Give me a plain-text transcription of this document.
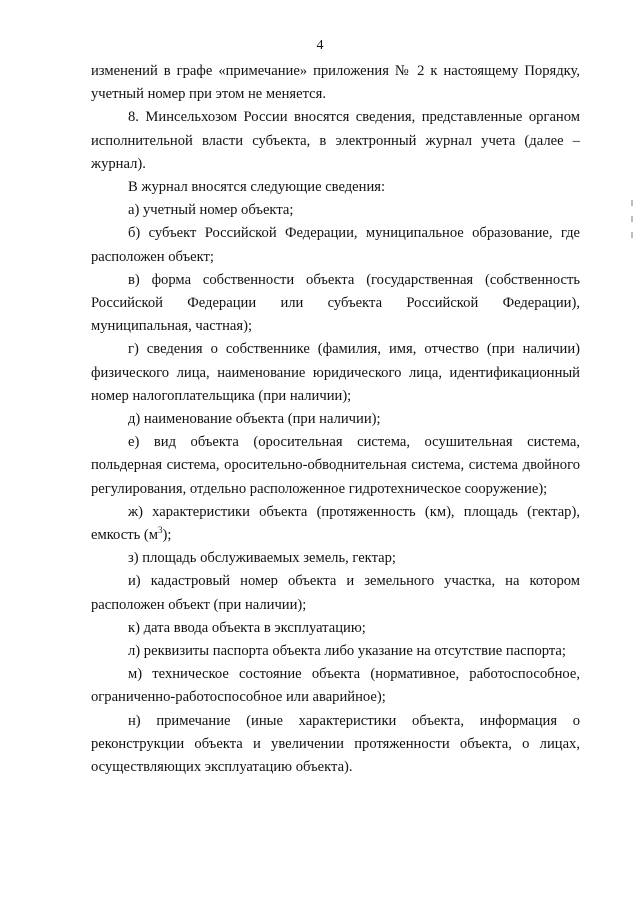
4

изменений в графе «примечание» приложения № 2 к настоящему Порядку, учетный номер при этом не меняется.

8. Минсельхозом России вносятся сведения, представленные органом исполнительной власти субъекта, в электронный журнал учета (далее – журнал).

В журнал вносятся следующие сведения:

а) учетный номер объекта;

б) субъект Российской Федерации, муниципальное образование, где расположен объект;

в) форма собственности объекта (государственная (собственность Российской Федерации или субъекта Российской Федерации), муниципальная, частная);

г) сведения о собственнике (фамилия, имя, отчество (при наличии) физического лица, наименование юридического лица, идентификационный номер налогоплательщика (при наличии);

д) наименование объекта (при наличии);

е) вид объекта (оросительная система, осушительная система, польдерная система, оросительно-обводнительная система, система двойного регулирования, отдельно расположенное гидротехническое сооружение);

ж) характеристики объекта (протяженность (км), площадь (гектар), емкость $(м^3)$;

з) площадь обслуживаемых земель, гектар;

и) кадастровый номер объекта и земельного участка, на котором расположен объект (при наличии);

к) дата ввода объекта в эксплуатацию;

л) реквизиты паспорта объекта либо указание на отсутствие паспорта;

м) техническое состояние объекта (нормативное, работоспособное, ограниченно-работоспособное или аварийное);

н) примечание (иные характеристики объекта, информация о реконструкции объекта и увеличении протяженности объекта, о лицах, осуществляющих эксплуатацию объекта).
